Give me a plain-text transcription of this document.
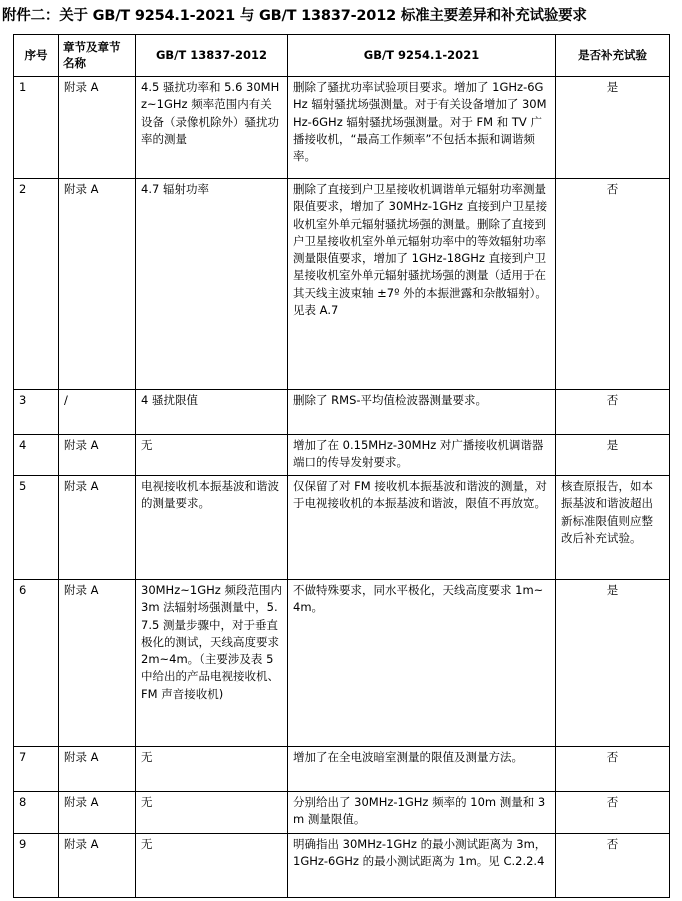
附件二：关于 GB/T 9254.1-2021 与 GB/T 13837-2012 标准主要差异和补充试验要求
序号	章节及章节名称	GB/T 13837-2012	GB/T 9254.1-2021	是否补充试验
1	附录 A	4.5 骚扰功率和 5.6 30MHz~1GHz 频率范围内有关设备（录像机除外）骚扰功率的测量	删除了骚扰功率试验项目要求。增加了 1GHz-6GHz 辐射骚扰场强测量。对于有关设备增加了 30MHz-6GHz 辐射骚扰场强测量。对于 FM 和 TV 广播接收机，“最高工作频率”不包括本振和调谐频率。	是
2	附录 A	4.7 辐射功率	删除了直接到户卫星接收机调谐单元辐射功率测量限值要求，增加了 30MHz-1GHz 直接到户卫星接收机室外单元辐射骚扰场强的测量。删除了直接到户卫星接收机室外单元辐射功率中的等效辐射功率测量限值要求，增加了 1GHz-18GHz 直接到户卫星接收机室外单元辐射骚扰场强的测量（适用于在其天线主波束轴 ±7º 外的本振泄露和杂散辐射）。见表 A.7	否
3	/	4 骚扰限值	删除了 RMS-平均值检波器测量要求。	否
4	附录 A	无	增加了在 0.15MHz-30MHz 对广播接收机调谐器端口的传导发射要求。	是
5	附录 A	电视接收机本振基波和谐波的测量要求。	仅保留了对 FM 接收机本振基波和谐波的测量，对于电视接收机的本振基波和谐波，限值不再放宽。	核查原报告，如本振基波和谐波超出新标准限值则应整改后补充试验。
6	附录 A	30MHz~1GHz 频段范围内 3m 法辐射场强测量中，5.7.5 测量步骤中，对于垂直极化的测试，天线高度要求 2m~4m。（主要涉及表 5 中给出的产品电视接收机、FM 声音接收机)	不做特殊要求，同水平极化，天线高度要求 1m~4m。	是
7	附录 A	无	增加了在全电波暗室测量的限值及测量方法。	否
8	附录 A	无	分别给出了 30MHz-1GHz 频率的 10m 测量和 3m 测量限值。	否
9	附录 A	无	明确指出 30MHz-1GHz 的最小测试距离为 3m，1GHz-6GHz 的最小测试距离为 1m。见 C.2.2.4	否
